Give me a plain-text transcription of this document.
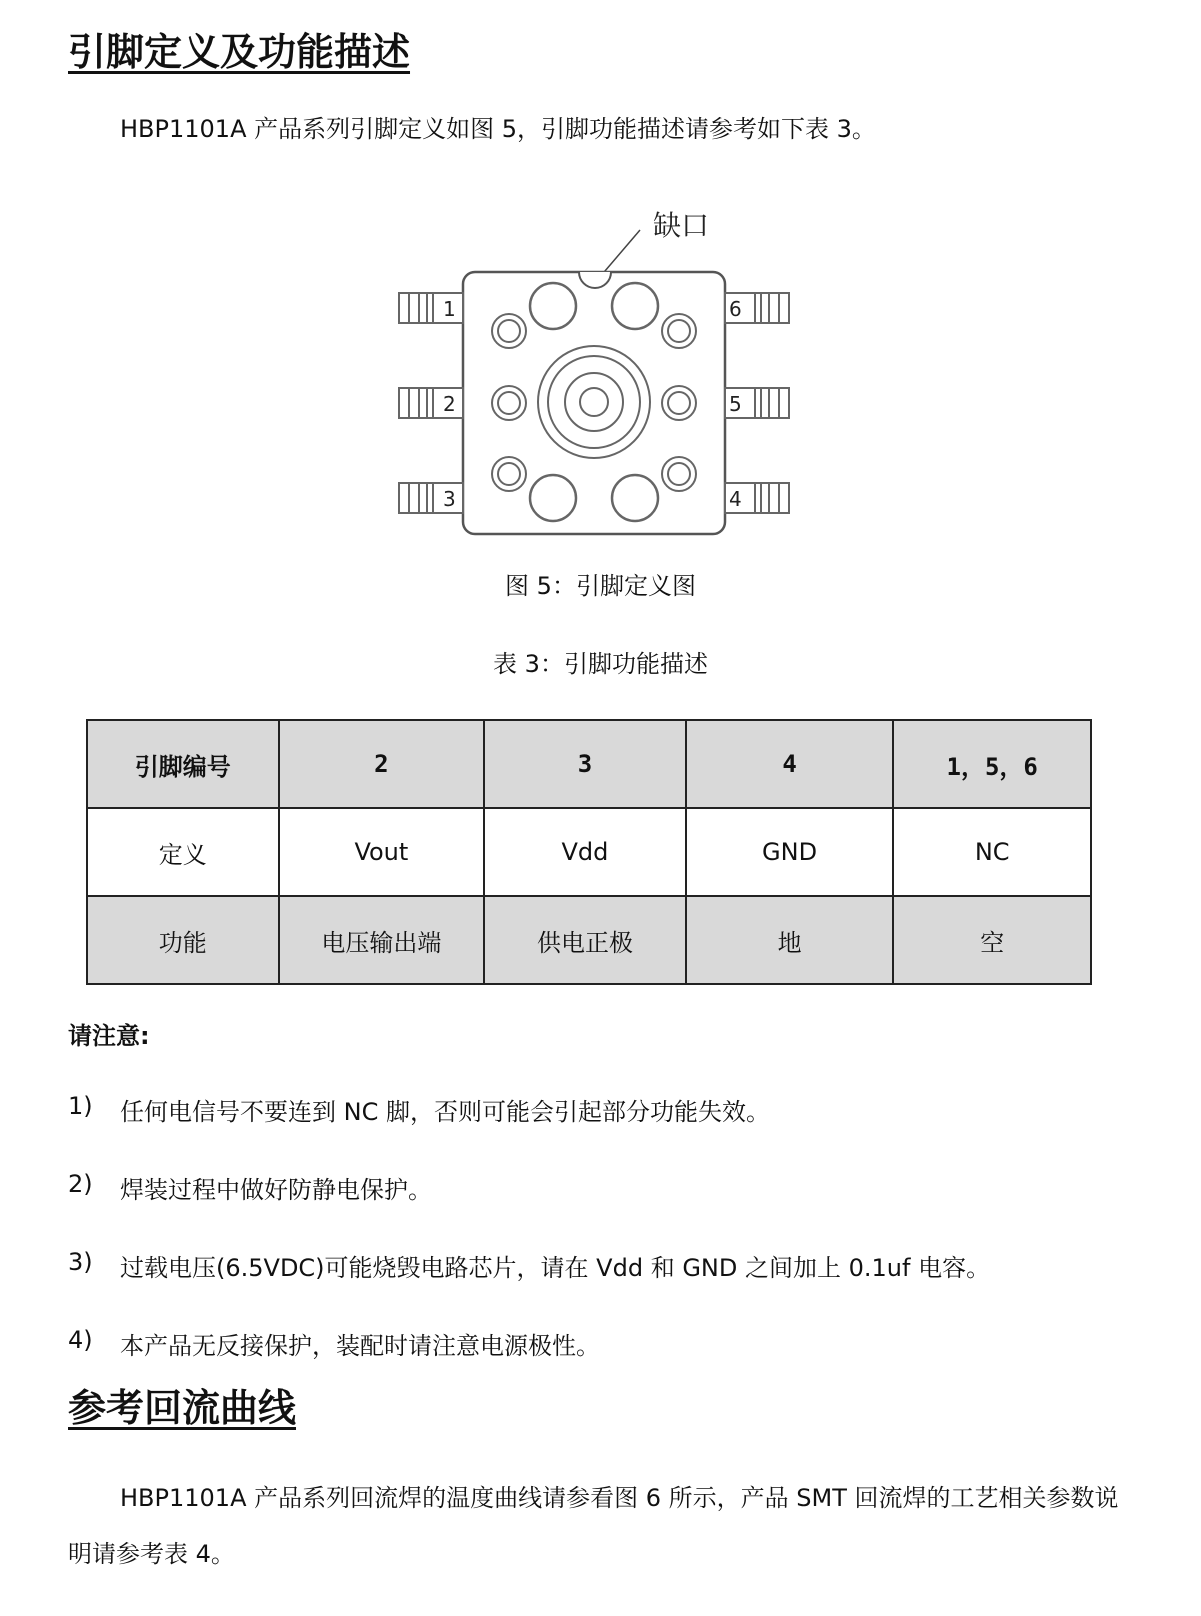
引脚定义及功能描述

HBP1101A 产品系列引脚定义如图 5，引脚功能描述请参考如下表 3。

缺口
1
2
3
6
5
4

图 5：引脚定义图

表 3：引脚功能描述

引脚编号	2	3	4	1，5，6
定义	Vout	Vdd	GND	NC
功能	电压输出端	供电正极	地	空

请注意:

1)	任何电信号不要连到 NC 脚，否则可能会引起部分功能失效。
2)	焊装过程中做好防静电保护。
3)	过载电压(6.5VDC)可能烧毁电路芯片，请在 Vdd 和 GND 之间加上 0.1uf 电容。
4)	本产品无反接保护，装配时请注意电源极性。
参考回流曲线

HBP1101A 产品系列回流焊的温度曲线请参看图 6 所示，产品 SMT 回流焊的工艺相关参数说明请参考表 4。
